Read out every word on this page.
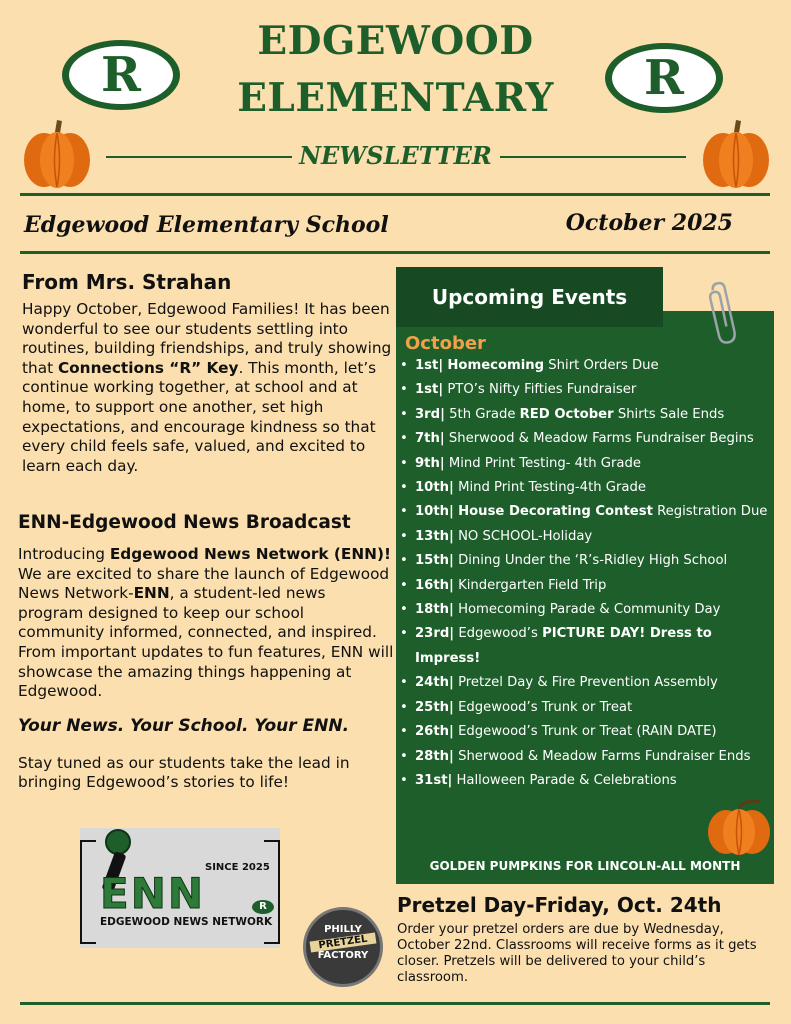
EDGEWOOD
ELEMENTARY
NEWSLETTER
R	R
Edgewood Elementary School	October 2025
From Mrs. Strahan
Happy October, Edgewood Families! It has been wonderful to see our students settling into routines, building friendships, and truly showing that Connections “R” Key. This month, let’s continue working together, at school and at home, to support one another, set high expectations, and encourage kindness so that every child feels safe, valued, and excited to learn each day.
ENN-Edgewood News Broadcast
Introducing Edgewood News Network (ENN)! We are excited to share the launch of Edgewood News Network-ENN, a student-led news program designed to keep our school community informed, connected, and inspired. From important updates to fun features, ENN will showcase the amazing things happening at Edgewood.
Your News. Your School. Your ENN.
Stay tuned as our students take the lead in bringing Edgewood’s stories to life!
SINCE 2025
ENN	R
EDGEWOOD NEWS NETWORK
Upcoming Events
October
• 1st| Homecoming Shirt Orders Due
• 1st| PTO’s Nifty Fifties Fundraiser
• 3rd| 5th Grade RED October Shirts Sale Ends
• 7th| Sherwood & Meadow Farms Fundraiser Begins
• 9th| Mind Print Testing- 4th Grade
• 10th| Mind Print Testing-4th Grade
• 10th| House Decorating Contest Registration Due
• 13th| NO SCHOOL-Holiday
• 15th| Dining Under the ‘R’s-Ridley High School
• 16th| Kindergarten Field Trip
• 18th| Homecoming Parade & Community Day
• 23rd| Edgewood’s PICTURE DAY! Dress to Impress!
• 24th| Pretzel Day & Fire Prevention Assembly
• 25th| Edgewood’s Trunk or Treat
• 26th| Edgewood’s Trunk or Treat (RAIN DATE)
• 28th| Sherwood & Meadow Farms Fundraiser Ends
• 31st| Halloween Parade & Celebrations
GOLDEN PUMPKINS FOR LINCOLN-ALL MONTH
Pretzel Day-Friday, Oct. 24th
Order your pretzel orders are due by Wednesday, October 22nd. Classrooms will receive forms as it gets closer. Pretzels will be delivered to your child’s classroom.
PHILLY
PRETZEL
FACTORY
